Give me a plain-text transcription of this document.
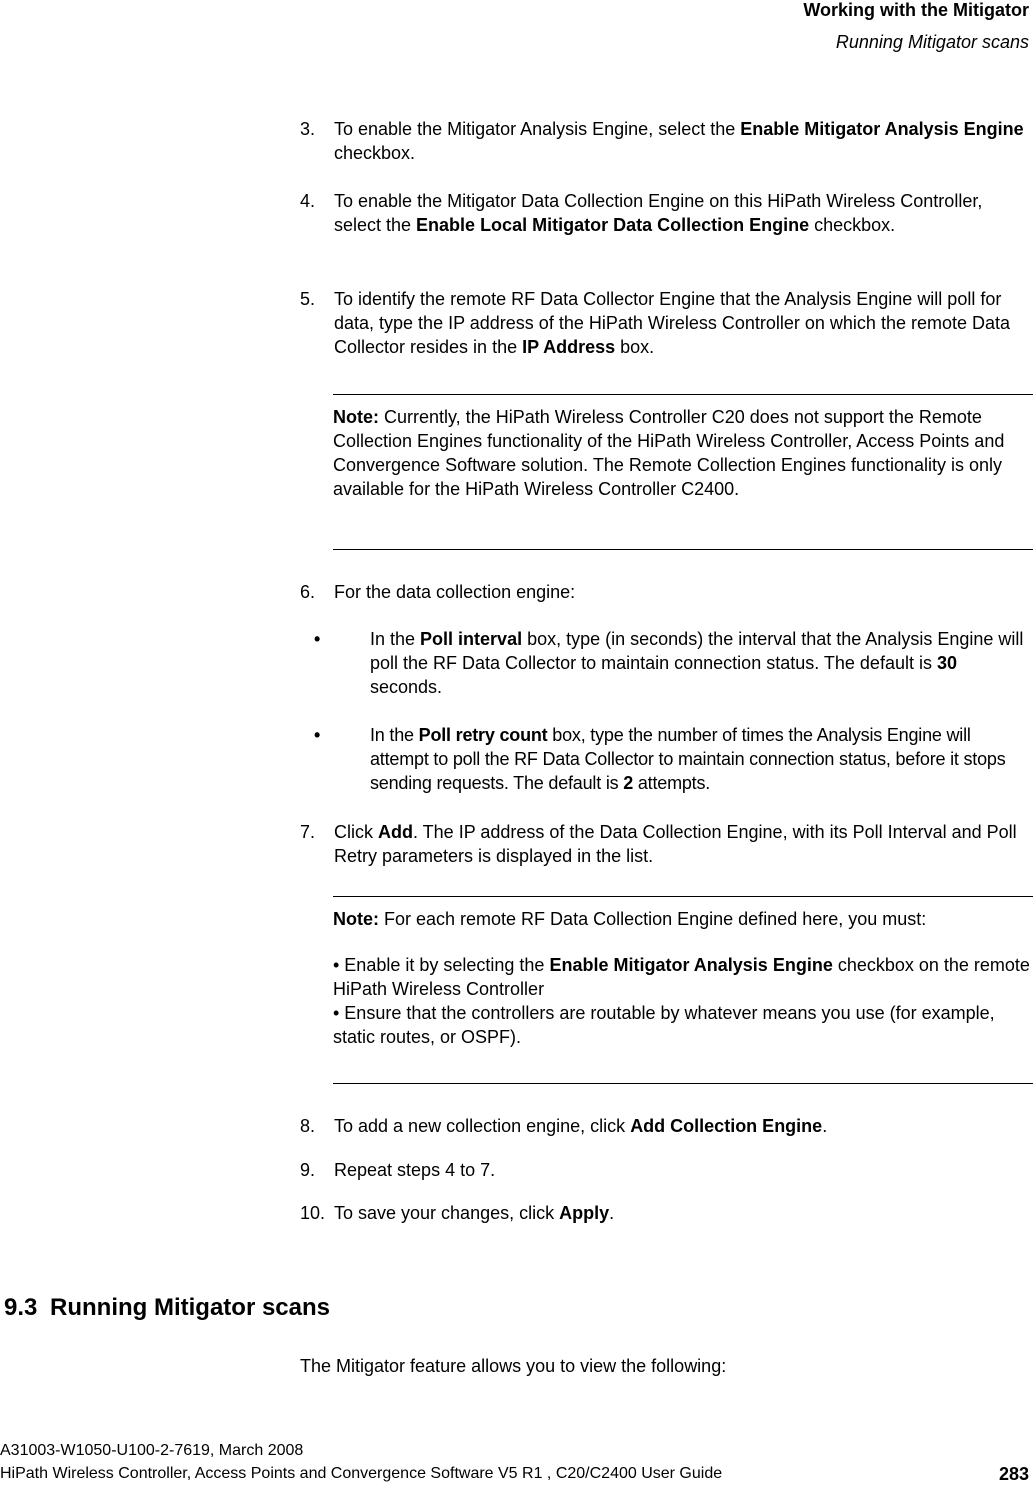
Working with the Mitigator
Running Mitigator scans
3. To enable the Mitigator Analysis Engine, select the Enable Mitigator Analysis Engine checkbox.
4. To enable the Mitigator Data Collection Engine on this HiPath Wireless Controller, select the Enable Local Mitigator Data Collection Engine checkbox.
5. To identify the remote RF Data Collector Engine that the Analysis Engine will poll for data, type the IP address of the HiPath Wireless Controller on which the remote Data Collector resides in the IP Address box.
Note: Currently, the HiPath Wireless Controller C20 does not support the Remote Collection Engines functionality of the HiPath Wireless Controller, Access Points and Convergence Software solution. The Remote Collection Engines functionality is only available for the HiPath Wireless Controller C2400.
6. For the data collection engine:
•	In the Poll interval box, type (in seconds) the interval that the Analysis Engine will poll the RF Data Collector to maintain connection status. The default is 30 seconds.
•	In the Poll retry count box, type the number of times the Analysis Engine will attempt to poll the RF Data Collector to maintain connection status, before it stops sending requests. The default is 2 attempts.
7. Click Add. The IP address of the Data Collection Engine, with its Poll Interval and Poll Retry parameters is displayed in the list.
Note: For each remote RF Data Collection Engine defined here, you must:
• Enable it by selecting the Enable Mitigator Analysis Engine checkbox on the remote HiPath Wireless Controller
• Ensure that the controllers are routable by whatever means you use (for example, static routes, or OSPF).
8. To add a new collection engine, click Add Collection Engine.
9. Repeat steps 4 to 7.
10. To save your changes, click Apply.
9.3 Running Mitigator scans
The Mitigator feature allows you to view the following:
A31003-W1050-U100-2-7619, March 2008
HiPath Wireless Controller, Access Points and Convergence Software V5 R1 , C20/C2400 User Guide	283
